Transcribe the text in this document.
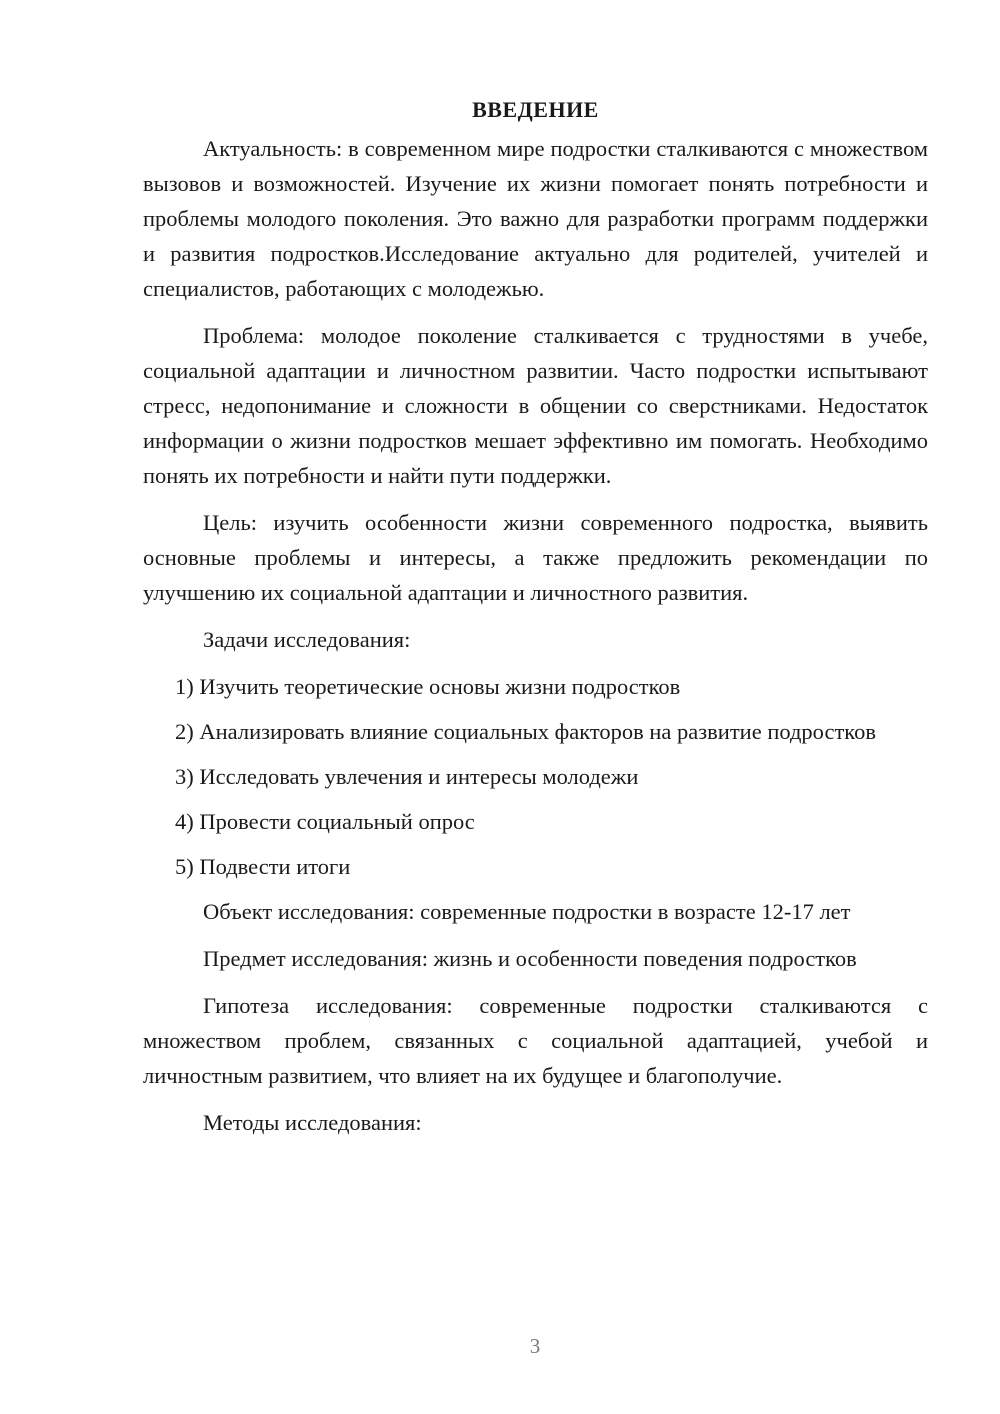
ВВЕДЕНИЕ

Актуальность: в современном мире подростки сталкиваются с множеством вызовов и возможностей. Изучение их жизни помогает понять потребности и проблемы молодого поколения. Это важно для разработки программ поддержки и развития подростков.Исследование актуально для родителей, учителей и специалистов, работающих с молодежью.

Проблема: молодое поколение сталкивается с трудностями в учебе, социальной адаптации и личностном развитии. Часто подростки испытывают стресс, недопонимание и сложности в общении со сверстниками. Недостаток информации о жизни подростков мешает эффективно им помогать. Необходимо понять их потребности и найти пути поддержки.

Цель: изучить особенности жизни современного подростка, выявить основные проблемы и интересы, а также предложить рекомендации по улучшению их социальной адаптации и личностного развития.

Задачи исследования:

1) Изучить теоретические основы жизни подростков

2) Анализировать влияние социальных факторов на развитие подростков

3) Исследовать увлечения и интересы молодежи

4) Провести социальный опрос

5) Подвести итоги

Объект исследования: современные подростки в возрасте 12-17 лет

Предмет исследования: жизнь и особенности поведения подростков

Гипотеза исследования: современные подростки сталкиваются с множеством проблем, связанных с социальной адаптацией, учебой и личностным развитием, что влияет на их будущее и благополучие.

Методы исследования:

3
